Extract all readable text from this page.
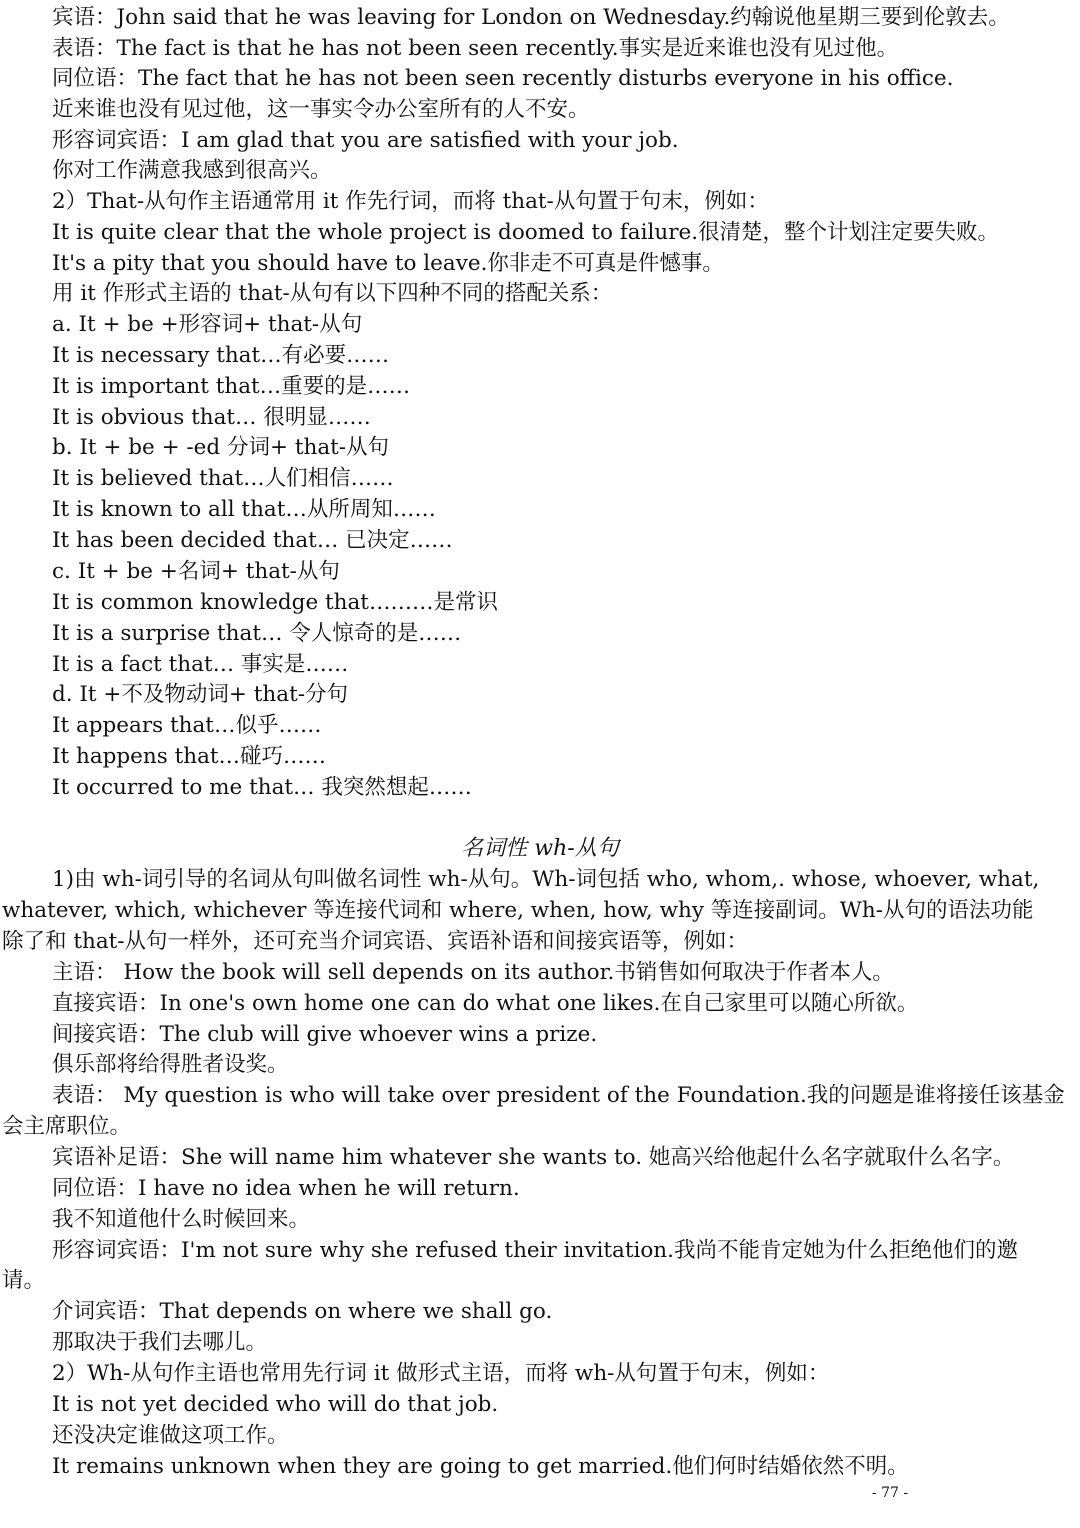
宾语：John said that he was leaving for London on Wednesday.约翰说他星期三要到伦敦去。
表语：The fact is that he has not been seen recently.事实是近来谁也没有见过他。
同位语：The fact that he has not been seen recently disturbs everyone in his office.
近来谁也没有见过他，这一事实令办公室所有的人不安。
形容词宾语：I am glad that you are satisfied with your job.
你对工作满意我感到很高兴。
2）That-从句作主语通常用 it 作先行词，而将 that-从句置于句末，例如：
It is quite clear that the whole project is doomed to failure.很清楚，整个计划注定要失败。
It's a pity that you should have to leave.你非走不可真是件憾事。
用 it 作形式主语的 that-从句有以下四种不同的搭配关系：
a. It + be +形容词+ that-从句
It is necessary that…有必要……
It is important that…重要的是……
It is obvious that… 很明显……
b. It + be + -ed 分词+ that-从句
It is believed that…人们相信……
It is known to all that…从所周知……
It has been decided that… 已决定……
c. It + be +名词+ that-从句
It is common knowledge that………是常识
It is a surprise that… 令人惊奇的是……
It is a fact that… 事实是……
d. It +不及物动词+ that-分句
It appears that…似乎……
It happens that…碰巧……
It occurred to me that… 我突然想起……
名词性 wh-从句
1)由 wh-词引导的名词从句叫做名词性 wh-从句。Wh-词包括 who, whom,. whose, whoever, what,
whatever, which, whichever 等连接代词和 where, when, how, why 等连接副词。Wh-从句的语法功能
除了和 that-从句一样外，还可充当介词宾语、宾语补语和间接宾语等，例如：
主语： How the book will sell depends on its author.书销售如何取决于作者本人。
直接宾语：In one's own home one can do what one likes.在自己家里可以随心所欲。
间接宾语：The club will give whoever wins a prize.
俱乐部将给得胜者设奖。
表语： My question is who will take over president of the Foundation.我的问题是谁将接任该基金
会主席职位。
宾语补足语：She will name him whatever she wants to. 她高兴给他起什么名字就取什么名字。
同位语：I have no idea when he will return.
我不知道他什么时候回来。
形容词宾语：I'm not sure why she refused their invitation.我尚不能肯定她为什么拒绝他们的邀
请。
介词宾语：That depends on where we shall go.
那取决于我们去哪儿。
2）Wh-从句作主语也常用先行词 it 做形式主语，而将 wh-从句置于句末，例如：
It is not yet decided who will do that job.
还没决定谁做这项工作。
It remains unknown when they are going to get married.他们何时结婚依然不明。
- 77 -
